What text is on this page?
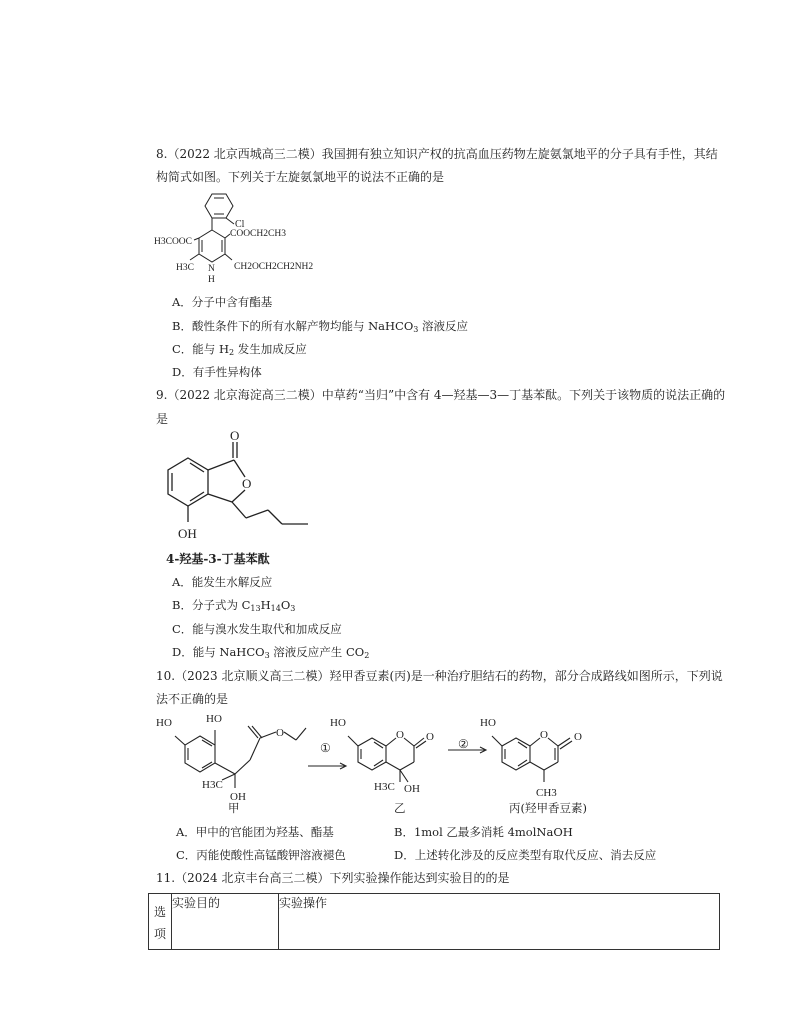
8.（2022 北京西城高三二模）我国拥有独立知识产权的抗高血压药物左旋氨氯地平的分子具有手性，其结
构简式如图。下列关于左旋氨氯地平的说法不正确的是
Cl
H3COOC
COOCH2CH3
H3C N
H
CH2OCH2CH2NH2
A．分子中含有酯基
B．酸性条件下的所有水解产物均能与 NaHCO$_3$ 溶液反应
C．能与 $H_2$ 发生加成反应
D．有手性异构体
9.（2022 北京海淀高三二模）中草药“当归”中含有 4—羟基—3—丁基苯酞。下列关于该物质的说法正确的
是
O
O
OH
4-羟基-3-丁基苯酞
A．能发生水解反应
B．分子式为 $C_{13}H_{14}O_3$
C．能与溴水发生取代和加成反应
D．能与 NaHCO$_3$ 溶液反应产生 $CO_2$
10.（2023 北京顺义高三二模）羟甲香豆素(丙)是一种治疗胆结石的药物，部分合成路线如图所示，下列说
法不正确的是
HO	HO
O
H3C
OH
①
HO
O O
H3C OH
②
HO
O O
CH3
甲	乙	丙(羟甲香豆素)
A．甲中的官能团为羟基、酯基	B．1mol 乙最多消耗 4molNaOH
C．丙能使酸性高锰酸钾溶液褪色	D．上述转化涉及的反应类型有取代反应、消去反应
11.（2024 北京丰台高三二模）下列实验操作能达到实验目的的是
选
项	实验目的	实验操作
